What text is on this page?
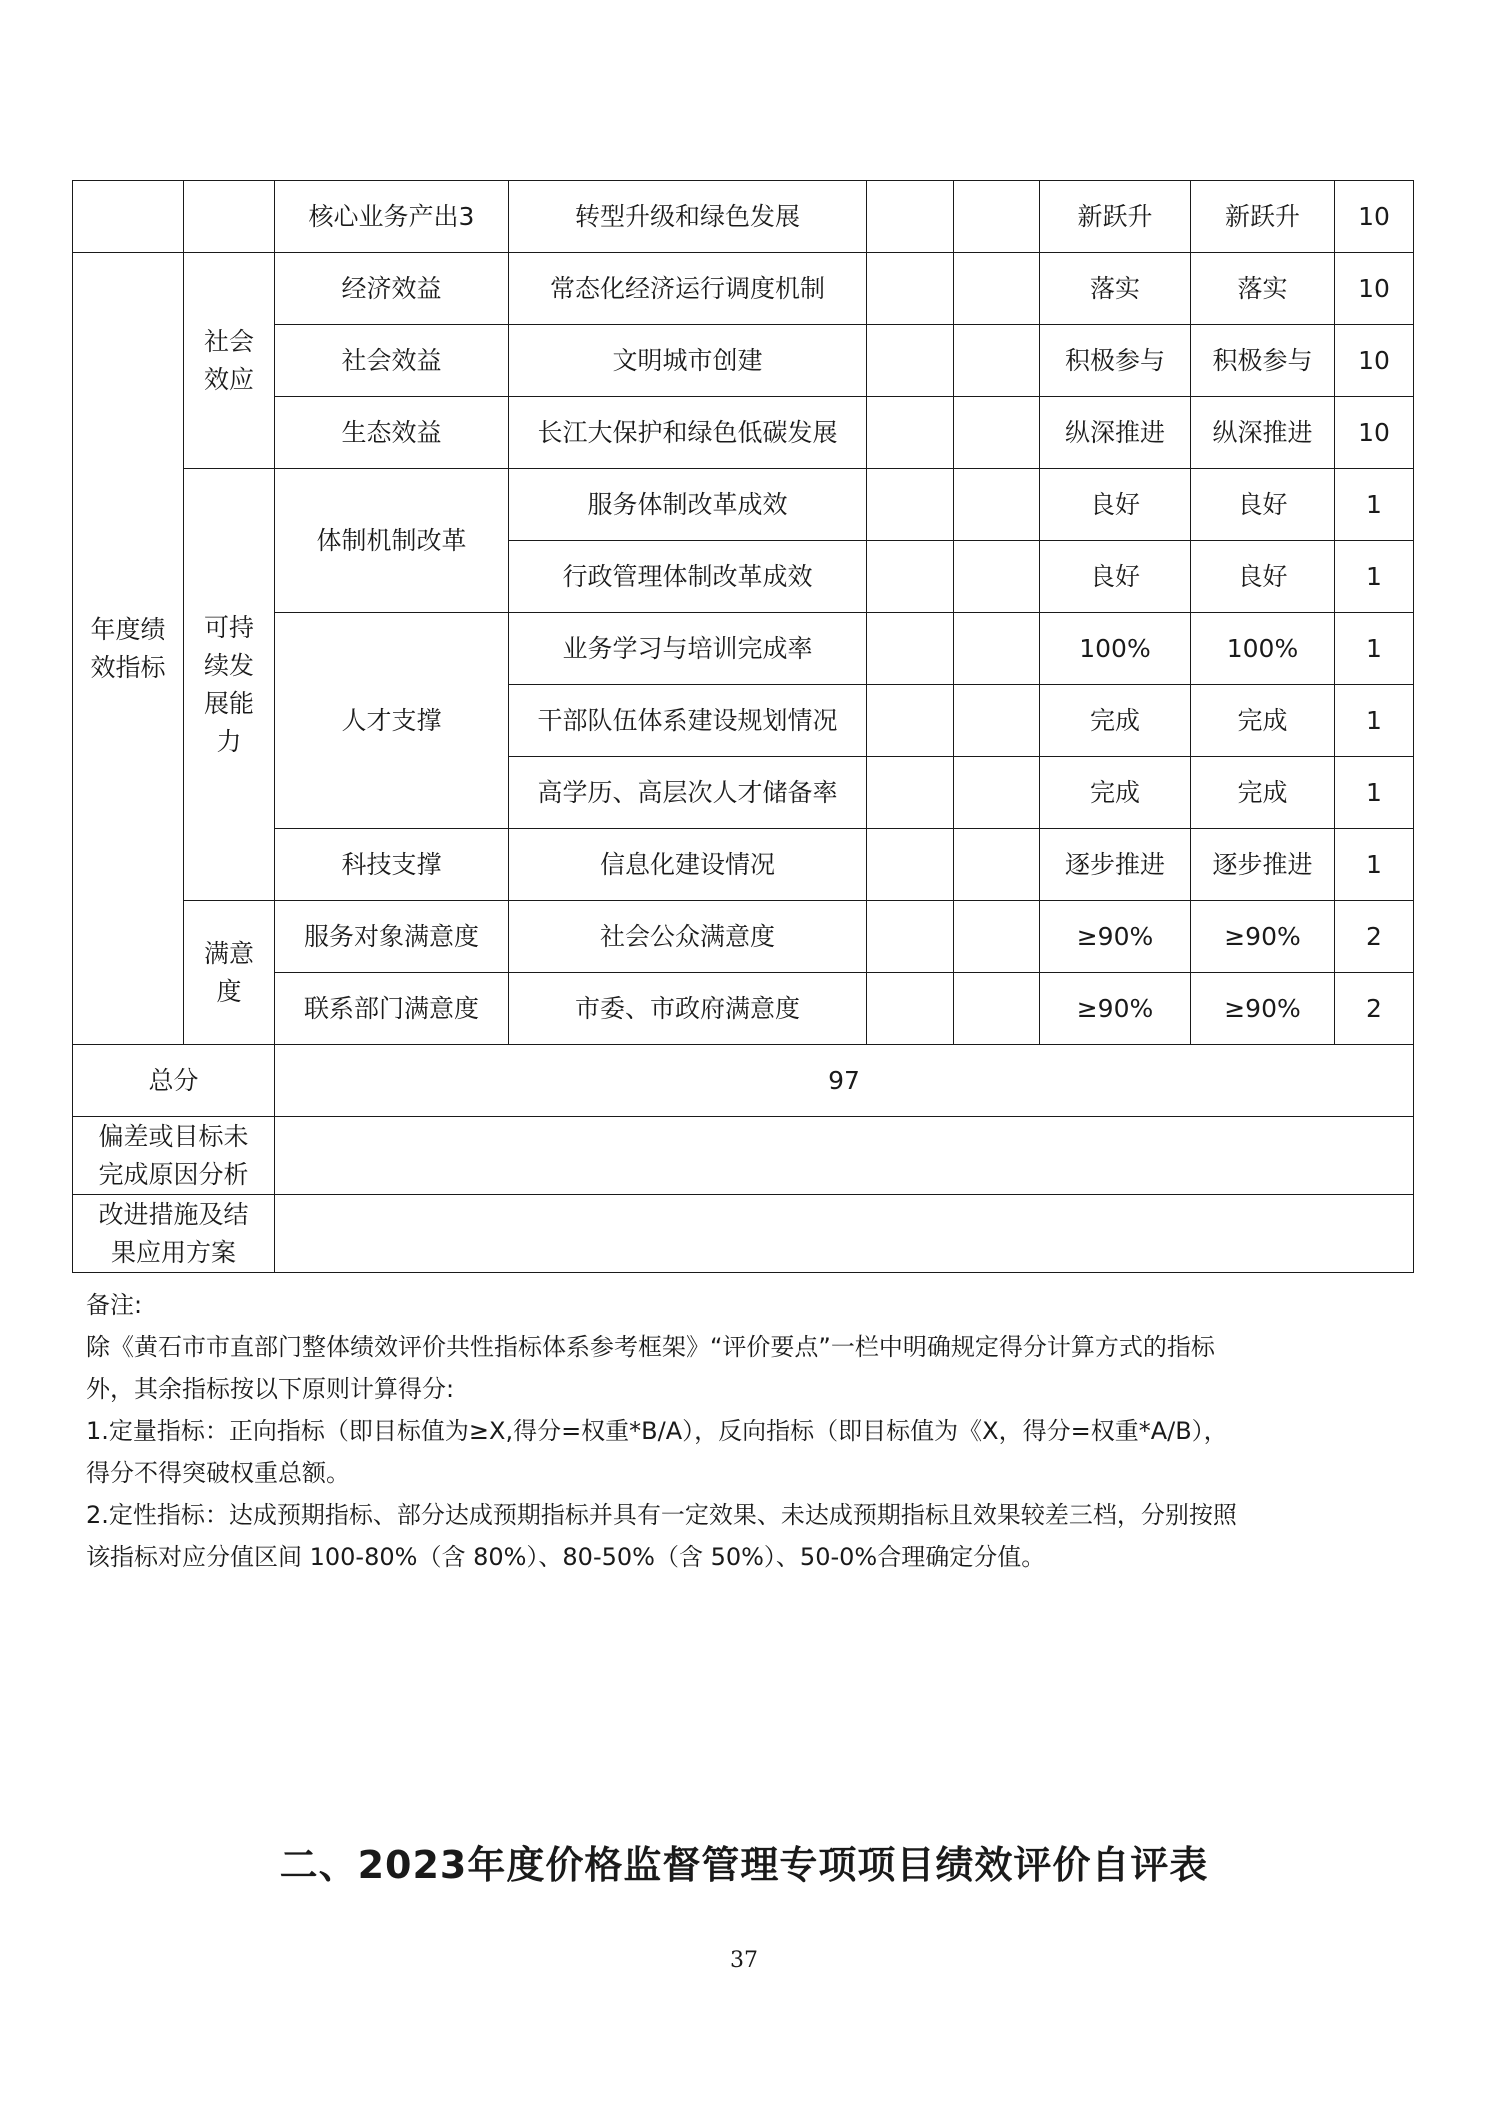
		核心业务产出3	转型升级和绿色发展			新跃升	新跃升	10
年度绩效指标	社会效应	经济效益	常态化经济运行调度机制			落实	落实	10
		社会效益	文明城市创建			积极参与	积极参与	10
		生态效益	长江大保护和绿色低碳发展			纵深推进	纵深推进	10
	可持续发展能力	体制机制改革	服务体制改革成效			良好	良好	1
			行政管理体制改革成效			良好	良好	1
		人才支撑	业务学习与培训完成率			100%	100%	1
			干部队伍体系建设规划情况			完成	完成	1
			高学历、高层次人才储备率			完成	完成	1
		科技支撑	信息化建设情况			逐步推进	逐步推进	1
	满意度	服务对象满意度	社会公众满意度			≥90%	≥90%	2
		联系部门满意度	市委、市政府满意度			≥90%	≥90%	2
总分		97						
偏差或目标未完成原因分析								
改进措施及结果应用方案								
备注:
除《黄石市市直部门整体绩效评价共性指标体系参考框架》“评价要点”一栏中明确规定得分计算方式的指标
外，其余指标按以下原则计算得分:
1.定量指标：正向指标（即目标值为≥X,得分=权重*B/A），反向指标（即目标值为《X，得分=权重*A/B），
得分不得突破权重总额。
2.定性指标：达成预期指标、部分达成预期指标并具有一定效果、未达成预期指标且效果较差三档，分别按照
该指标对应分值区间 100-80%（含 80%）、80-50%（含 50%）、50-0%合理确定分值。
二、2023年度价格监督管理专项项目绩效评价自评表
37
